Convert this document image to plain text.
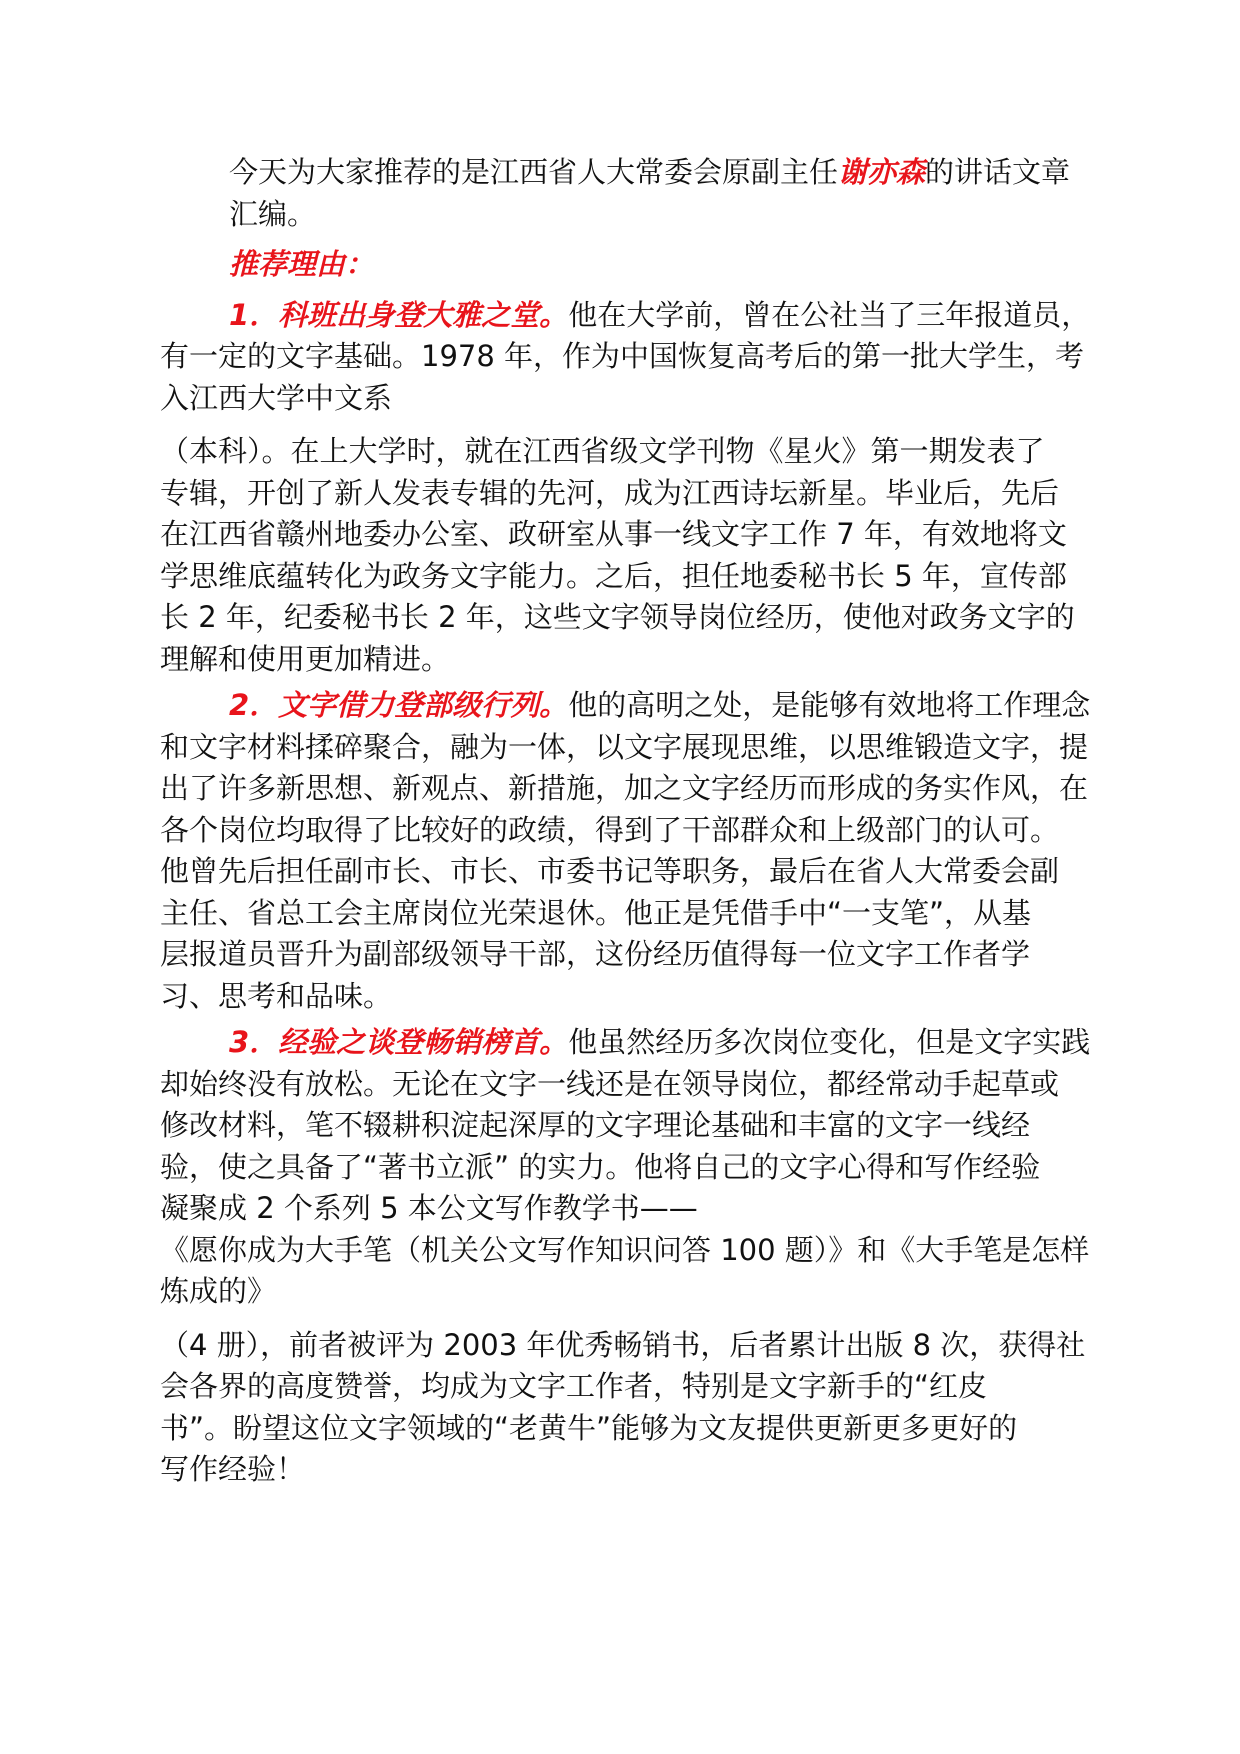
今天为大家推荐的是江西省人大常委会原副主任谢亦森的讲话文章

汇编。

推荐理由：

1．科班出身登大雅之堂。他在大学前，曾在公社当了三年报道员，

有一定的文字基础。1978 年，作为中国恢复高考后的第一批大学生，考

入江西大学中文系

（本科）。在上大学时，就在江西省级文学刊物《星火》第一期发表了

专辑，开创了新人发表专辑的先河，成为江西诗坛新星。毕业后，先后

在江西省赣州地委办公室、政研室从事一线文字工作 7 年，有效地将文

学思维底蕴转化为政务文字能力。之后，担任地委秘书长 5 年，宣传部

长 2 年，纪委秘书长 2 年，这些文字领导岗位经历，使他对政务文字的

理解和使用更加精进。

2．文字借力登部级行列。他的高明之处，是能够有效地将工作理念

和文字材料揉碎聚合，融为一体，以文字展现思维，以思维锻造文字，提

出了许多新思想、新观点、新措施，加之文字经历而形成的务实作风，在

各个岗位均取得了比较好的政绩，得到了干部群众和上级部门的认可。

他曾先后担任副市长、市长、市委书记等职务，最后在省人大常委会副

主任、省总工会主席岗位光荣退休。他正是凭借手中“一支笔”，从基

层报道员晋升为副部级领导干部，这份经历值得每一位文字工作者学

习、思考和品味。

3．经验之谈登畅销榜首。他虽然经历多次岗位变化，但是文字实践

却始终没有放松。无论在文字一线还是在领导岗位，都经常动手起草或

修改材料，笔不辍耕积淀起深厚的文字理论基础和丰富的文字一线经

验，使之具备了“著书立派” 的实力。他将自己的文字心得和写作经验

凝聚成 2 个系列 5 本公文写作教学书——

《愿你成为大手笔（机关公文写作知识问答 100 题）》和《大手笔是怎样

炼成的》

（4 册），前者被评为 2003 年优秀畅销书，后者累计出版 8 次，获得社

会各界的高度赞誉，均成为文字工作者，特别是文字新手的“红皮

书”。盼望这位文字领域的“老黄牛”能够为文友提供更新更多更好的

写作经验！
